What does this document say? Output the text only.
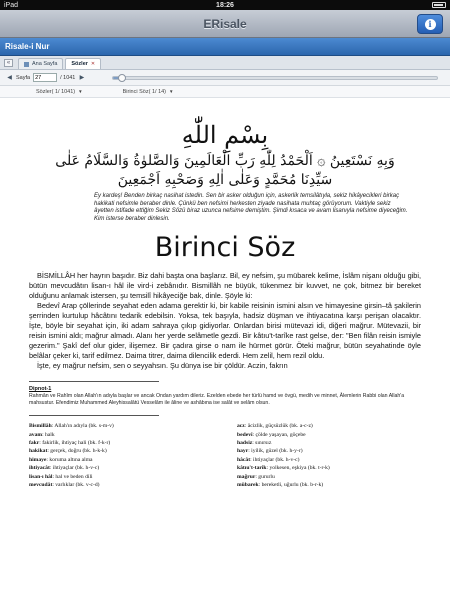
iPad	18:26
ERisale	i
Risale-i Nur
«	Ana Sayfa	Sözler ✕
◀ Sayfa
27	/ 1041 ▶
Sözler( 1/ 1041) ▼	Birinci Söz( 1/ 14) ▼
بِسْمِ اللّٰهِ
وَبِهِ نَسْتَعِينُ ۞ اَلْحَمْدُ لِلّٰهِ رَبِّ الْعَالَمِينَ وَالصَّلوٰةُ وَالسَّلَامُ عَلٰى سَيِّدِنَا مُحَمَّدٍ وَعَلٰى اٰلِهِ وَصَحْبِهِ اَجْمَعِينَ
Ey kardeş! Benden birkaç nasihat istedin. Sen bir asker olduğun için, askerlik temsilâtıyla, sekiz hikâyecikleri birkaç hakikati nefsimle beraber dinle. Çünkü ben nefsimi herkesten ziyade nasihata muhtaç görüyorum. Vaktiyle sekiz âyetten istifade ettiğim Sekiz Sözü biraz uzunca nefsime demiştim. Şimdi kısaca ve avam lisanıyla nefsime diyeceğim. Kim isterse beraber dinlesin.
Birinci Söz

BİSMİLLÂH her hayrın başıdır. Biz dahi başta ona başlarız. Bil, ey nefsim, şu mübarek kelime, İslâm nişanı olduğu gibi, bütün mevcudâtın lisan-ı hâl ile vird-i zebânıdır. Bismillâh ne büyük, tükenmez bir kuvvet, ne çok, bitmez bir bereket olduğunu anlamak istersen, şu temsilî hikâyeciğe bak, dinle. Şöyle ki:

Bedevî Arap çöllerinde seyahat eden adama gerektir ki, bir kabile reisinin ismini alsın ve himayesine girsin–tâ şakilerin şerrinden kurtulup hâcâtını tedarik edebilsin. Yoksa, tek başıyla, hadsiz düşman ve ihtiyacatına karşı perişan olacaktır. İşte, böyle bir seyahat için, iki adam sahraya çıkıp gidiyorlar. Onlardan birisi mütevazi idi, diğeri mağrur. Mütevazii, bir reisin ismini aldı; mağrur almadı. Alanı her yerde selâmetle gezdi. Bir kâtıu't-tarîke rast gelse, der: "Ben filân reisin ismiyle gezerim." Şakî def olur gider, ilişemez. Bir çadıra girse o nam ile hürmet görür. Öteki mağrur, bütün seyahatinde öyle belâlar çeker ki, tarif edilmez. Daima titrer, daima dilencilik ederdi. Hem zelil, hem rezil oldu.

İşte, ey mağrur nefsim, sen o seyyahsın. Şu dünya ise bir çöldür. Aczin, fakrın

Dipnot-1
Rahmân ve Rahîm olan Allah'ın adıyla başlar ve ancak Ondan yardım dileriz. Ezelden ebede her türlü hamd ve övgü, medih ve minnet, Âlemlerin Rabbi olan Allah'a mahsustur. Efendimiz Muhammed Aleyhissalâtü Vesselâm ile âline ve ashâbına ise salât ve selâm olsun.
Bismillâh: Allah'ın adıyla (bk. s-m-v)
avam: halk
fakr: fakirlik, ihtiyaç hali (bk. f-k-r)
hakikat: gerçek, doğru (bk. h-k-k)
himaye: koruma altına alma
ihtiyacât: ihtiyaçlar (bk. h-v-c)
lisan-ı hâl: hal ve beden dili
mevcudât: varlıklar (bk. v-c-d)
acz: âcizlik, güçsüzlük (bk. a-c-z)
bedevî: çölde yaşayan, göçebe
hadsiz: sınırsız
hayr: iyilik, güzel (bk. h-y-r)
hâcât: ihtiyaçlar (bk. h-v-c)
kâtıu't-tarîk: yolkesen, eşkiya (bk. t-r-k)
mağrur: gururlu
mübarek: bereketli, uğurlu (bk. b-r-k)
